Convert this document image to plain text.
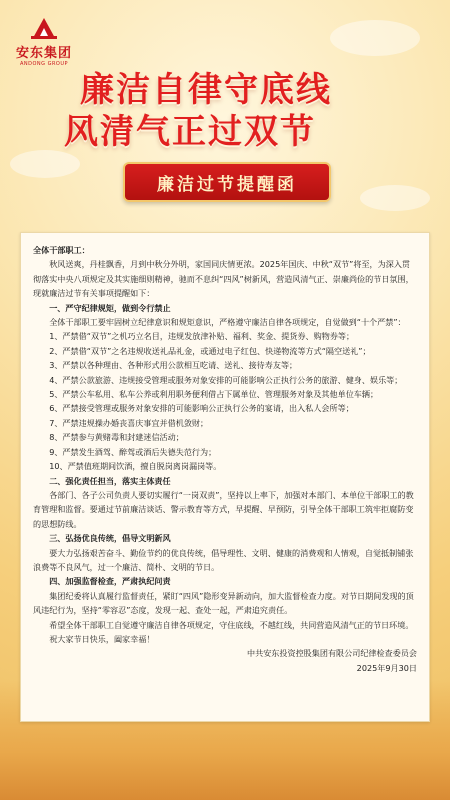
安东集团
ANDONG GROUP
廉洁自律守底线
风清气正过双节
廉洁过节提醒函

全体干部职工：

秋风送爽，丹桂飘香，月到中秋分外明，家国同庆情更浓。2025年国庆、中秋“双节”将至，为深入贯彻落实中央八项规定及其实施细则精神，驰而不息纠“四风”树新风，营造风清气正、崇廉尚俭的节日氛围，现就廉洁过节有关事项提醒如下：

一、严守纪律规矩，做到令行禁止

全体干部职工要牢固树立纪律意识和规矩意识，严格遵守廉洁自律各项规定，自觉做到“十个严禁”：

1、严禁借“双节”之机巧立名目，违规发放津补贴、福利、奖金、提货券、购物券等；

2、严禁借“双节”之名违规收送礼品礼金，或通过电子红包、快递物流等方式“隔空送礼”；

3、严禁以各种理由、各种形式用公款相互吃请、送礼、接待寿友等；

4、严禁公款旅游、违规接受管理或服务对象安排的可能影响公正执行公务的旅游、健身、娱乐等；

5、严禁公车私用、私车公养或利用职务便利借占下属单位、管理服务对象及其他单位车辆；

6、严禁接受管理或服务对象安排的可能影响公正执行公务的宴请，出入私人会所等；

7、严禁违规操办婚丧喜庆事宜并借机敛财；

8、严禁参与黄赌毒和封建迷信活动；

9、严禁发生酒驾、醉驾或酒后失德失范行为；

10、严禁值班期间饮酒，擅自脱岗离岗漏岗等。

二、强化责任担当，落实主体责任

各部门、各子公司负责人要切实履行“一岗双责”，坚持以上率下，加强对本部门、本单位干部职工的教育管理和监督。要通过节前廉洁谈话、警示教育等方式，早提醒、早预防，引导全体干部职工筑牢拒腐防变的思想防线。

三、弘扬优良传统，倡导文明新风

要大力弘扬艰苦奋斗、勤俭节约的优良传统，倡导理性、文明、健康的消费观和人情观，自觉抵制铺张浪费等不良风气，过一个廉洁、简朴、文明的节日。

四、加强监督检查，严肃执纪问责

集团纪委将认真履行监督责任，紧盯“四风”隐形变异新动向，加大监督检查力度。对节日期间发现的顶风违纪行为，坚持“零容忍”态度，发现一起、查处一起，严肃追究责任。

希望全体干部职工自觉遵守廉洁自律各项规定，守住底线，不越红线，共同营造风清气正的节日环境。

祝大家节日快乐，阖家幸福！

中共安东投资控股集团有限公司纪律检查委员会

2025年9月30日
